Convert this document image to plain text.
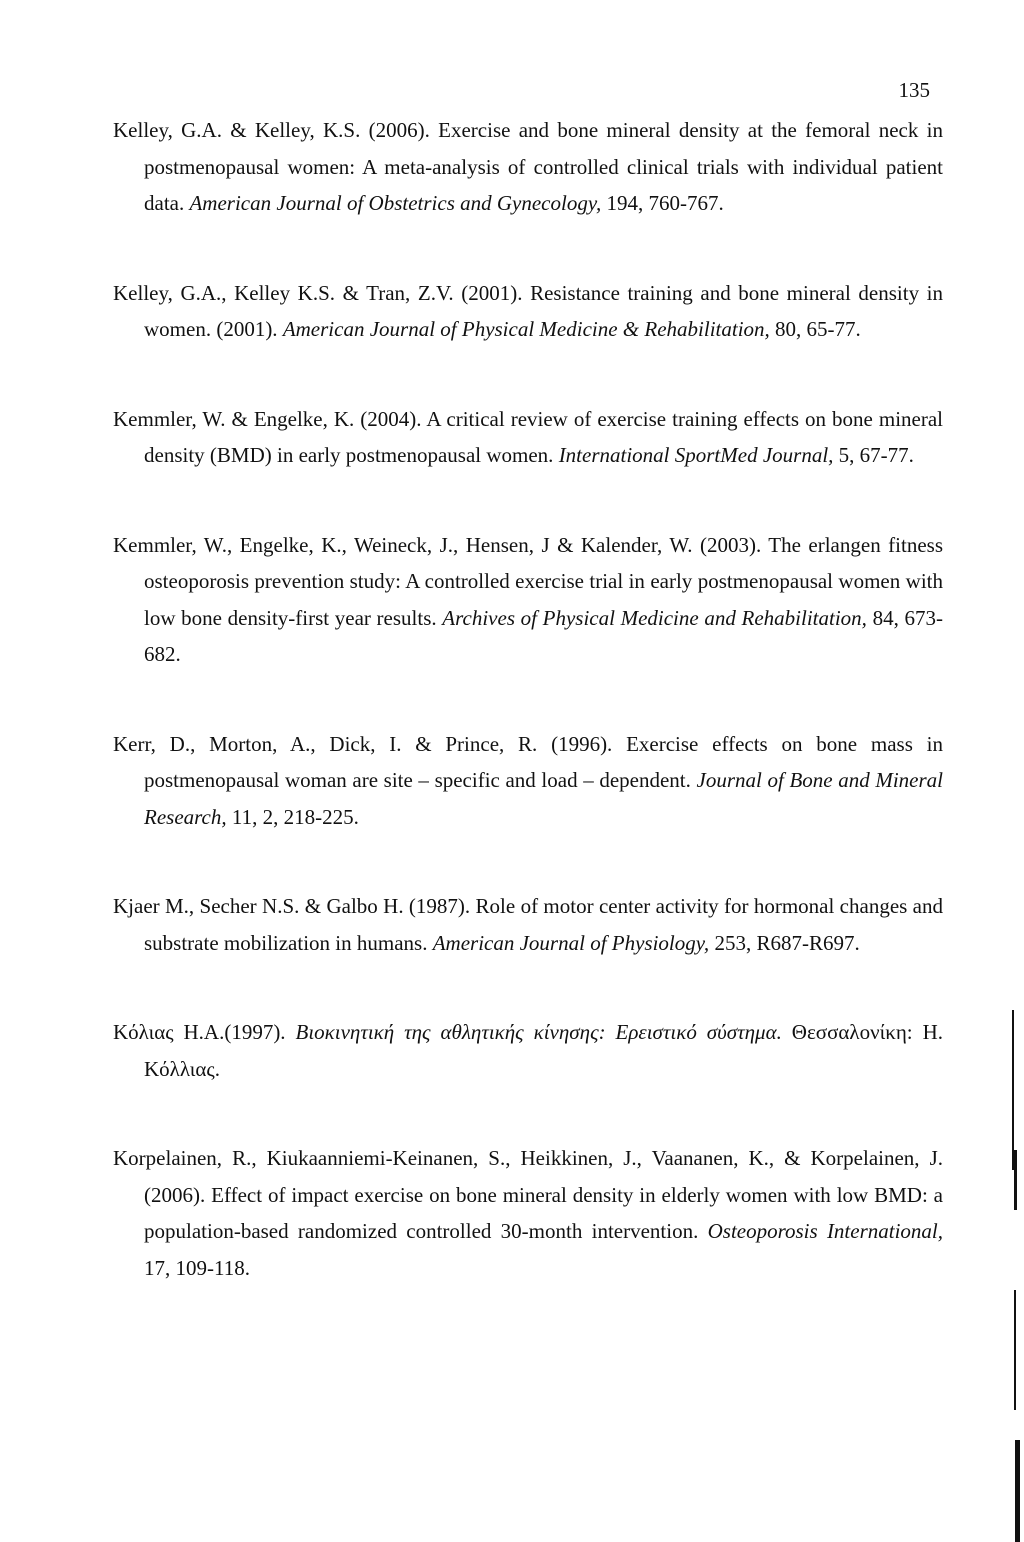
135

Kelley, G.A. & Kelley, K.S. (2006). Exercise and bone mineral density at the femoral neck in postmenopausal women: A meta-analysis of controlled clinical trials with individual patient data. American Journal of Obstetrics and Gynecology, 194, 760-767.

Kelley, G.A., Kelley K.S. & Tran, Z.V. (2001). Resistance training and bone mineral density in women. (2001). American Journal of Physical Medicine & Rehabilitation, 80, 65-77.

Kemmler, W. & Engelke, K. (2004). A critical review of exercise training effects on bone mineral density (BMD) in early postmenopausal women. International SportMed Journal, 5, 67-77.

Kemmler, W., Engelke, K., Weineck, J., Hensen, J & Kalender, W. (2003). The erlangen fitness osteoporosis prevention study: A controlled exercise trial in early postmenopausal women with low bone density-first year results. Archives of Physical Medicine and Rehabilitation, 84, 673-682.

Kerr, D., Morton, A., Dick, I. & Prince, R. (1996). Exercise effects on bone mass in postmenopausal woman are site – specific and load – dependent. Journal of Bone and Mineral Research, 11, 2, 218-225.

Kjaer M., Secher N.S. & Galbo H. (1987). Role of motor center activity for hormonal changes and substrate mobilization in humans. American Journal of Physiology, 253, R687-R697.

Κόλιας Η.Α.(1997). Βιοκινητική της αθλητικής κίνησης: Ερειστικό σύστημα. Θεσσαλονίκη: Η. Κόλλιας.

Korpelainen, R., Kiukaanniemi-Keinanen, S., Heikkinen, J., Vaananen, K., & Korpelainen, J. (2006). Effect of impact exercise on bone mineral density in elderly women with low BMD: a population-based randomized controlled 30-month intervention. Osteoporosis International, 17, 109-118.
